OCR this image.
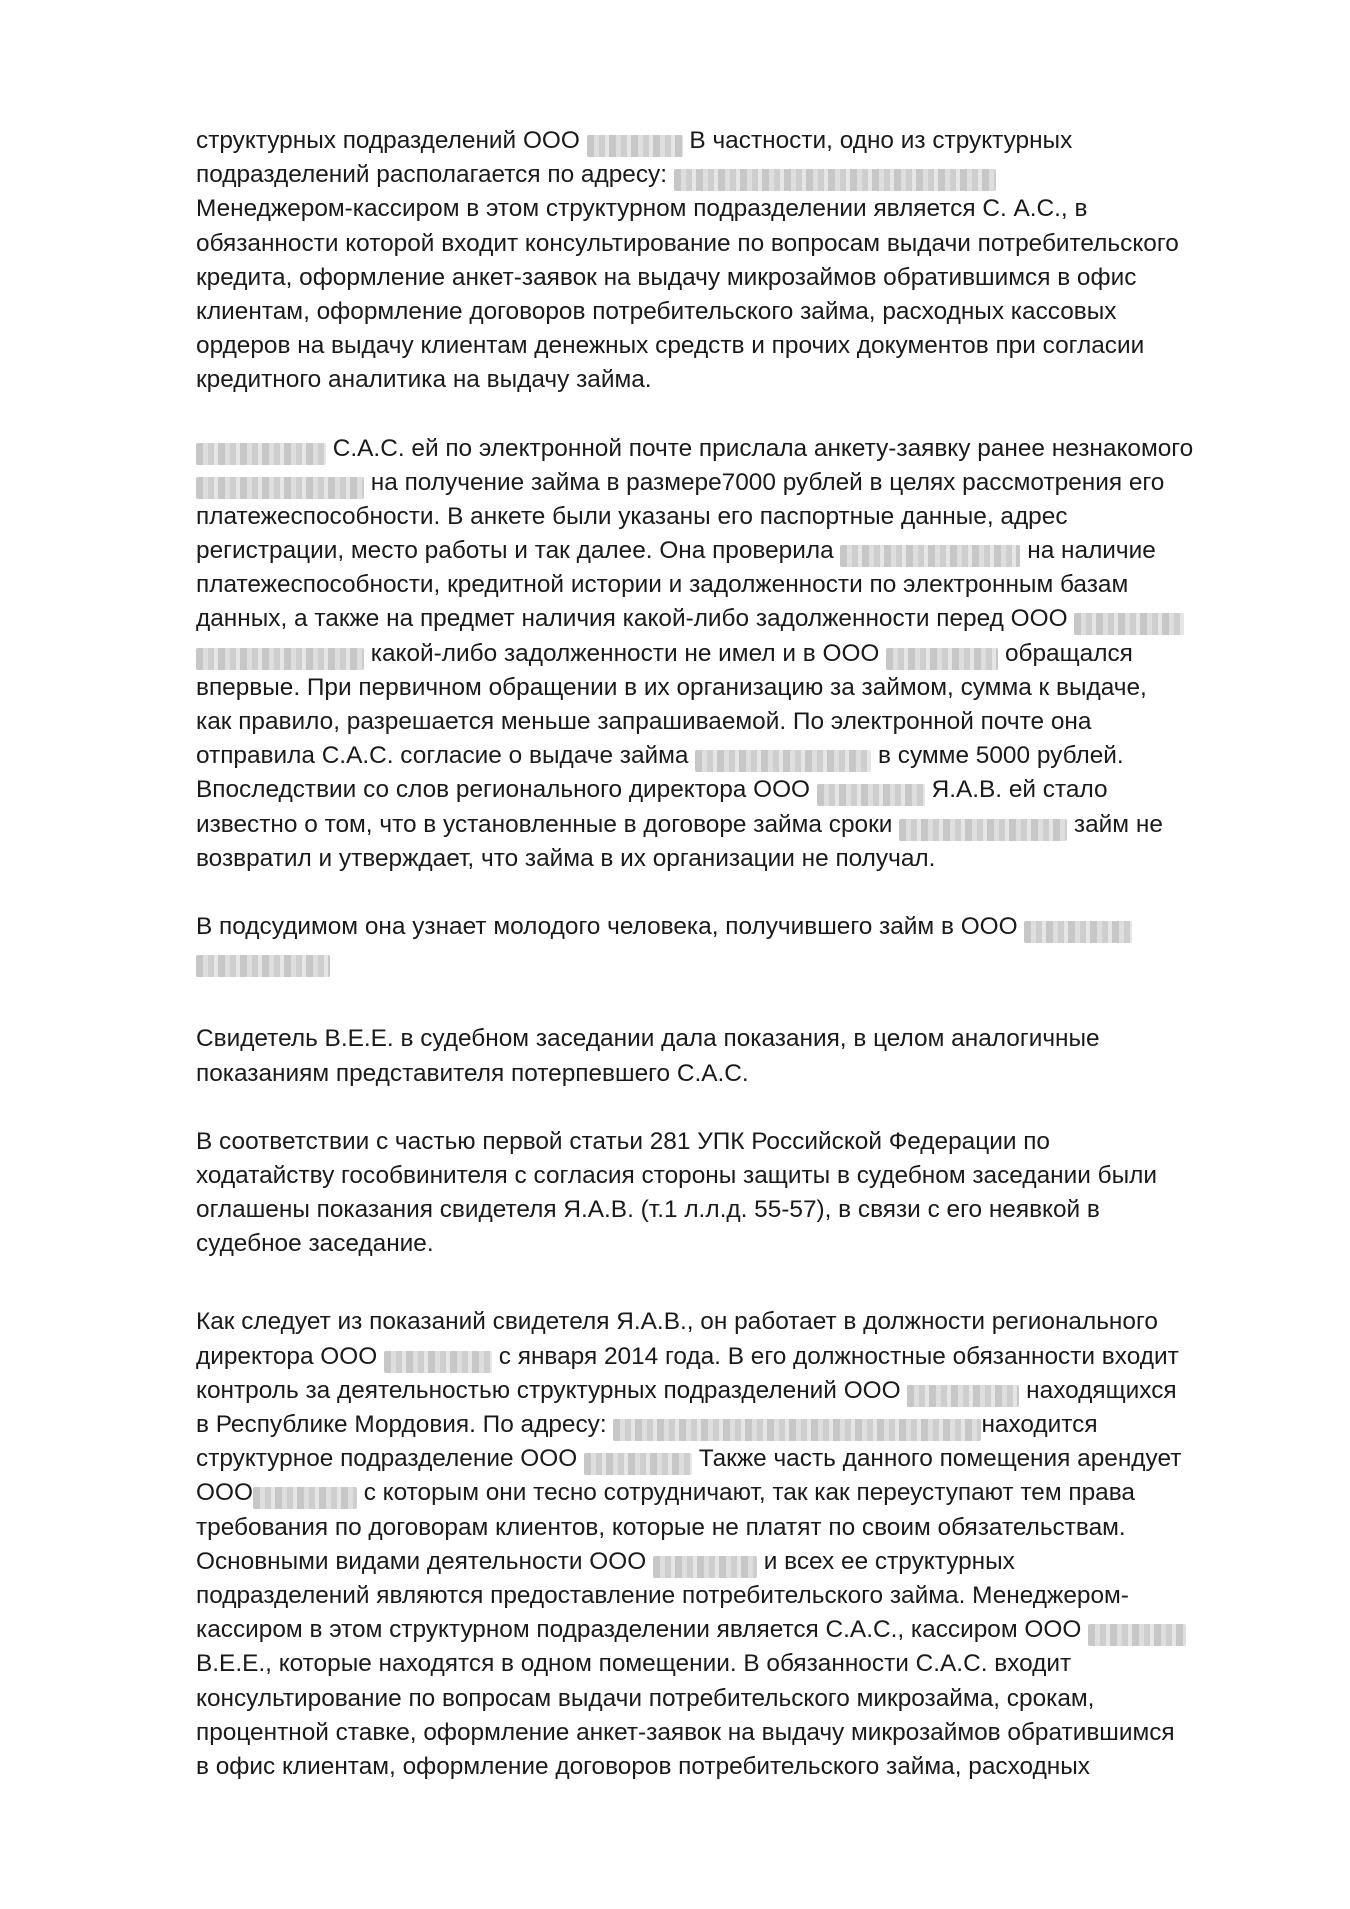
структурных подразделений ООО	В частности, одно из структурных
подразделений располагается по адресу:
Менеджером-кассиром в этом структурном подразделении является С. А.С., в
обязанности которой входит консультирование по вопросам выдачи потребительского
кредита, оформление анкет-заявок на выдачу микрозаймов обратившимся в офис
клиентам, оформление договоров потребительского займа, расходных кассовых
ордеров на выдачу клиентам денежных средств и прочих документов при согласии
кредитного аналитика на выдачу займа.
С.А.С. ей по электронной почте прислала анкету-заявку ранее незнакомого
на получение займа в размере7000 рублей в целях рассмотрения его
платежеспособности. В анкете были указаны его паспортные данные, адрес
регистрации, место работы и так далее. Она проверила	на наличие
платежеспособности, кредитной истории и задолженности по электронным базам
данных, а также на предмет наличия какой-либо задолженности перед ООО
какой-либо задолженности не имел и в ООО	обращался
впервые. При первичном обращении в их организацию за займом, сумма к выдаче,
как правило, разрешается меньше запрашиваемой. По электронной почте она
отправила С.А.С. согласие о выдаче займа	в сумме 5000 рублей.
Впоследствии со слов регионального директора ООО	Я.А.В. ей стало
известно о том, что в установленные в договоре займа сроки	займ не
возвратил и утверждает, что займа в их организации не получал.
В подсудимом она узнает молодого человека, получившего займ в ООО
Свидетель В.Е.Е. в судебном заседании дала показания, в целом аналогичные
показаниям представителя потерпевшего С.А.С.
В соответствии с частью первой статьи 281 УПК Российской Федерации по
ходатайству гособвинителя с согласия стороны защиты в судебном заседании были
оглашены показания свидетеля Я.А.В. (т.1 л.л.д. 55-57), в связи с его неявкой в
судебное заседание.
Как следует из показаний свидетеля Я.А.В., он работает в должности регионального
директора ООО	с января 2014 года. В его должностные обязанности входит
контроль за деятельностью структурных подразделений ООО	находящихся
в Республике Мордовия. По адресу:	находится
структурное подразделение ООО	Также часть данного помещения арендует
ООО	с которым они тесно сотрудничают, так как переуступают тем права
требования по договорам клиентов, которые не платят по своим обязательствам.
Основными видами деятельности ООО	и всех ее структурных
подразделений являются предоставление потребительского займа. Менеджером-
кассиром в этом структурном подразделении является С.А.С., кассиром ООО
В.Е.Е., которые находятся в одном помещении. В обязанности С.А.С. входит
консультирование по вопросам выдачи потребительского микрозайма, срокам,
процентной ставке, оформление анкет-заявок на выдачу микрозаймов обратившимся
в офис клиентам, оформление договоров потребительского займа, расходных
